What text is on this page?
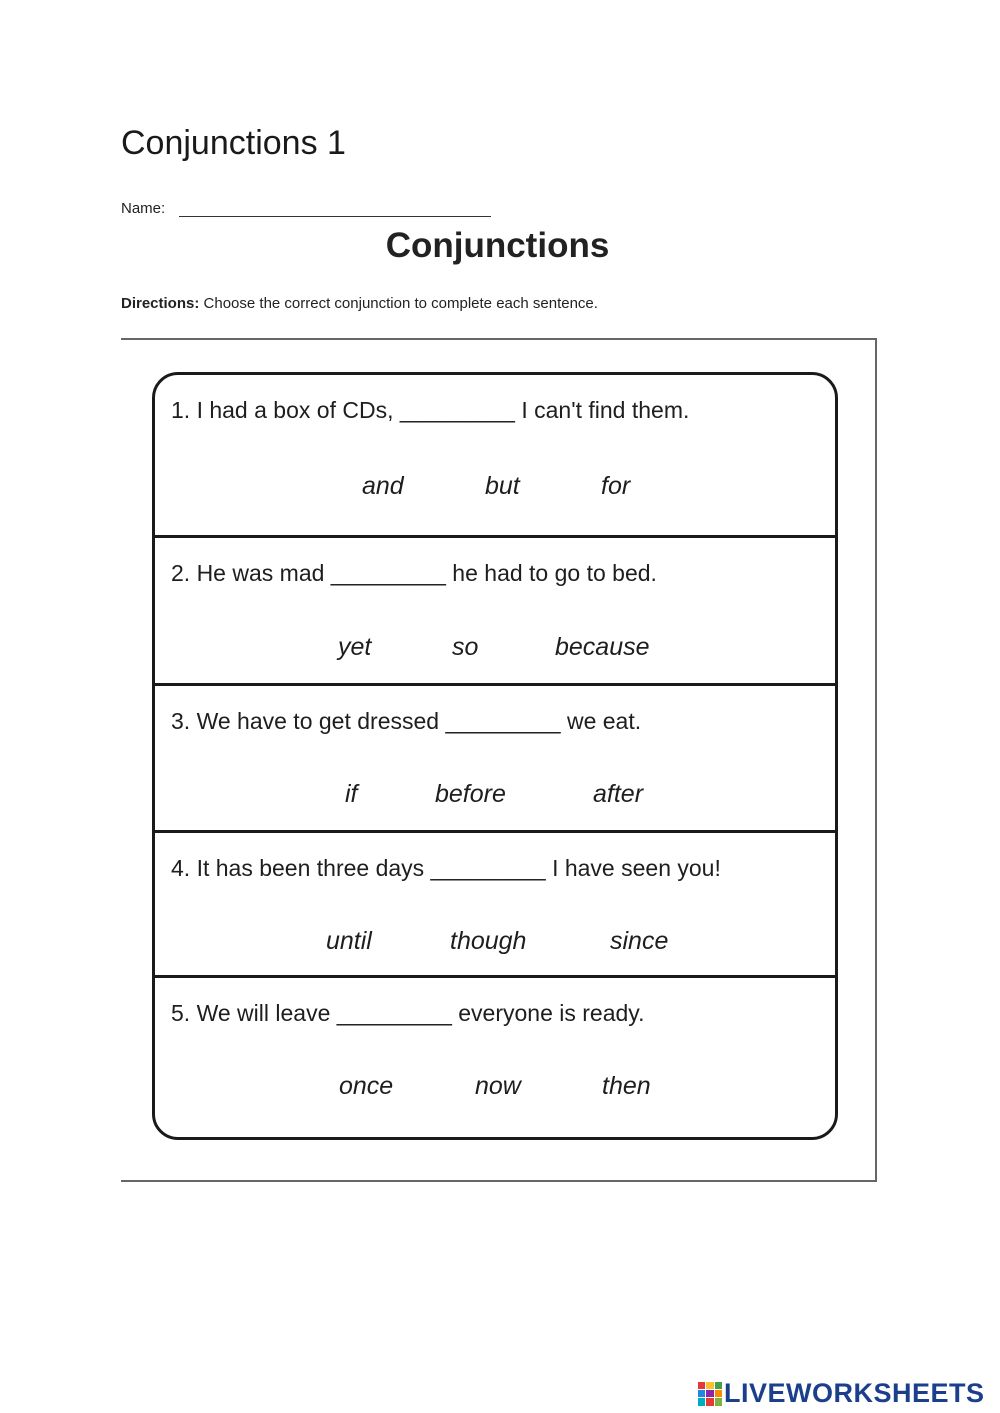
Conjunctions 1
Name:
Conjunctions
Directions: Choose the correct conjunction to complete each sentence.
1. I had a box of CDs, _________ I can't find them.
and	but	for
2. He was mad _________ he had to go to bed.
yet	so	because
3. We have to get dressed _________ we eat.
if	before	after
4. It has been three days _________ I have seen you!
until	though	since
5. We will leave _________ everyone is ready.
once	now	then
LIVEWORKSHEETS
